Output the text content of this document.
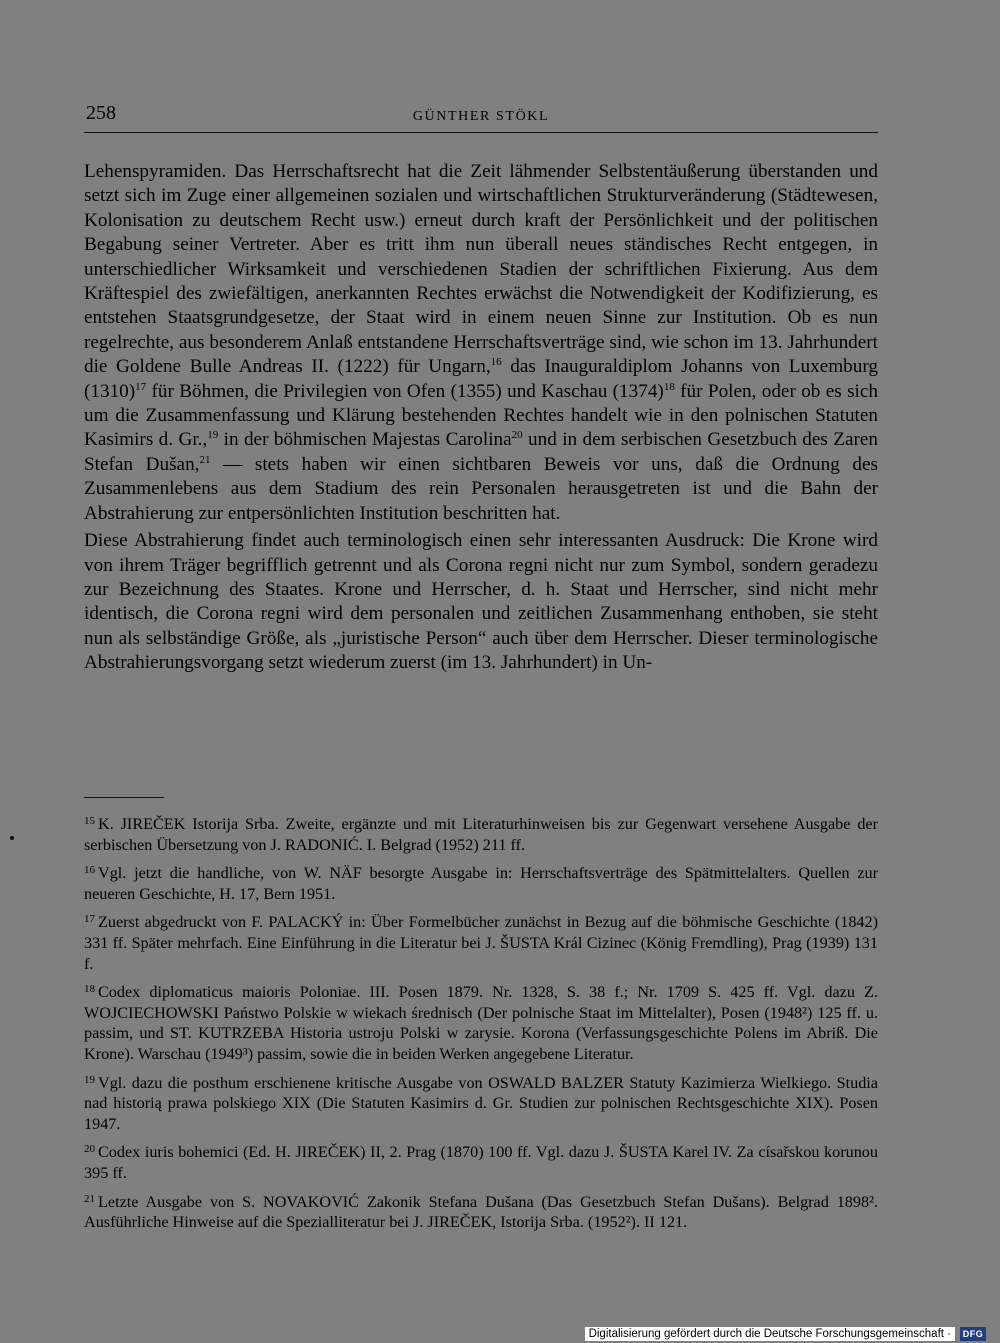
258	GÜNTHER STÖKL

Lehenspyramiden. Das Herrschaftsrecht hat die Zeit lähmender Selbstentäußerung überstanden und setzt sich im Zuge einer allgemeinen sozialen und wirtschaftlichen Strukturveränderung (Städtewesen, Kolonisation zu deutschem Recht usw.) erneut durch kraft der Persönlichkeit und der politischen Begabung seiner Vertreter. Aber es tritt ihm nun überall neues ständisches Recht entgegen, in unterschiedlicher Wirksamkeit und verschiedenen Stadien der schriftlichen Fixierung. Aus dem Kräftespiel des zwiefältigen, anerkannten Rechtes erwächst die Notwendigkeit der Kodifizierung, es entstehen Staatsgrundgesetze, der Staat wird in einem neuen Sinne zur Institution. Ob es nun regelrechte, aus besonderem Anlaß entstandene Herrschaftsverträge sind, wie schon im 13. Jahrhundert die Goldene Bulle Andreas II. (1222) für Ungarn,$^{16}$ das Inauguraldiplom Johanns von Luxemburg (1310)$^{17}$ für Böhmen, die Privilegien von Ofen (1355) und Kaschau (1374)$^{18}$ für Polen, oder ob es sich um die Zusammenfassung und Klärung bestehenden Rechtes handelt wie in den polnischen Statuten Kasimirs d. Gr.,$^{19}$ in der böhmischen Majestas Carolina$^{20}$ und in dem serbischen Gesetzbuch des Zaren Stefan Dušan,$^{21}$ — stets haben wir einen sichtbaren Beweis vor uns, daß die Ordnung des Zusammenlebens aus dem Stadium des rein Personalen herausgetreten ist und die Bahn der Abstrahierung zur entpersönlichten Institution beschritten hat.

Diese Abstrahierung findet auch terminologisch einen sehr interessanten Ausdruck: Die Krone wird von ihrem Träger begrifflich getrennt und als Corona regni nicht nur zum Symbol, sondern geradezu zur Bezeichnung des Staates. Krone und Herrscher, d. h. Staat und Herrscher, sind nicht mehr identisch, die Corona regni wird dem personalen und zeitlichen Zusammenhang enthoben, sie steht nun als selbständige Größe, als „juristische Person“ auch über dem Herrscher. Dieser terminologische Abstrahierungsvorgang setzt wiederum zuerst (im 13. Jahrhundert) in Un-

$^{15}$ K. JIREČEK Istorija Srba. Zweite, ergänzte und mit Literaturhinweisen bis zur Gegenwart versehene Ausgabe der serbischen Übersetzung von J. RADONIĆ. I. Belgrad (1952) 211 ff.

$^{16}$ Vgl. jetzt die handliche, von W. NÄF besorgte Ausgabe in: Herrschaftsverträge des Spätmittelalters. Quellen zur neueren Geschichte, H. 17, Bern 1951.

$^{17}$ Zuerst abgedruckt von F. PALACKÝ in: Über Formelbücher zunächst in Bezug auf die böhmische Geschichte (1842) 331 ff. Später mehrfach. Eine Einführung in die Literatur bei J. ŠUSTA Král Cizinec (König Fremdling), Prag (1939) 131 f.

$^{18}$ Codex diplomaticus maioris Poloniae. III. Posen 1879. Nr. 1328, S. 38 f.; Nr. 1709 S. 425 ff. Vgl. dazu Z. WOJCIECHOWSKI Państwo Polskie w wiekach średnisch (Der polnische Staat im Mittelalter), Posen (1948²) 125 ff. u. passim, und ST. KUTRZEBA Historia ustroju Polski w zarysie. Korona (Verfassungsgeschichte Polens im Abriß. Die Krone). Warschau (1949³) passim, sowie die in beiden Werken angegebene Literatur.

$^{19}$ Vgl. dazu die posthum erschienene kritische Ausgabe von OSWALD BALZER Statuty Kazimierza Wielkiego. Studia nad historią prawa polskiego XIX (Die Statuten Kasimirs d. Gr. Studien zur polnischen Rechtsgeschichte XIX). Posen 1947.

$^{20}$ Codex iuris bohemici (Ed. H. JIREČEK) II, 2. Prag (1870) 100 ff. Vgl. dazu J. ŠUSTA Karel IV. Za císařskou korunou 395 ff.

$^{21}$ Letzte Ausgabe von S. NOVAKOVIĆ Zakonik Stefana Dušana (Das Gesetzbuch Stefan Dušans). Belgrad 1898². Ausführliche Hinweise auf die Spezialliteratur bei J. JIREČEK, Istorija Srba. (1952²). II 121.

Digitalisierung gefördert durch die Deutsche Forschungsgemeinschaft ·	DFG
